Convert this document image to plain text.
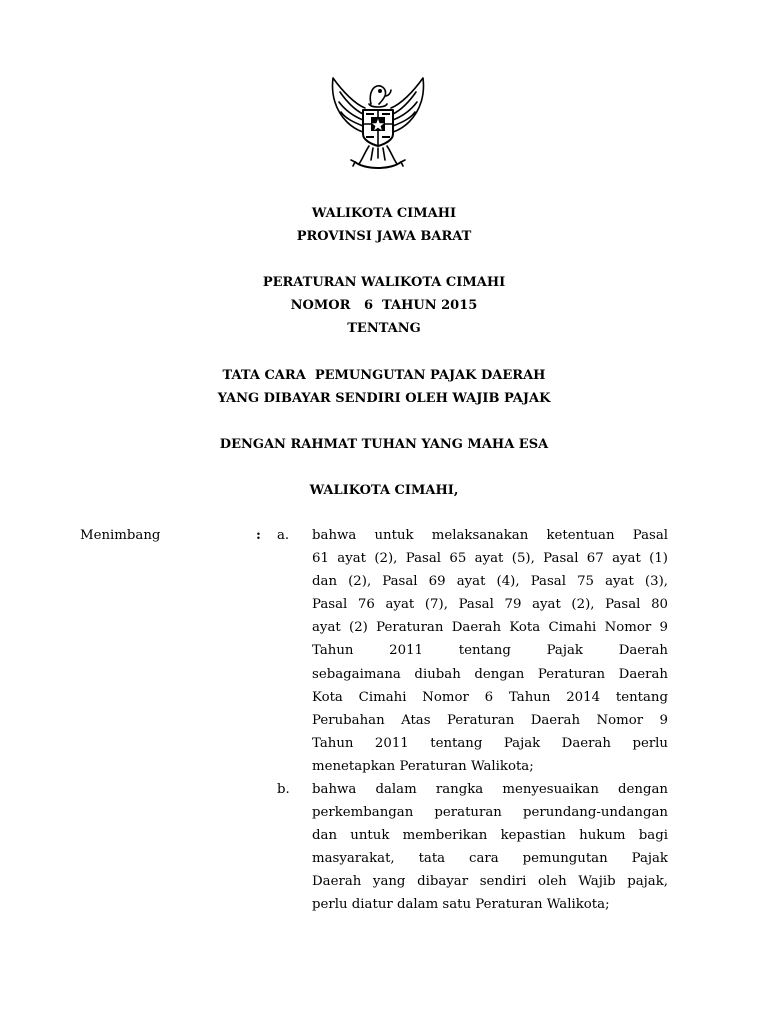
WALIKOTA CIMAHI
PROVINSI JAWA BARAT
PERATURAN WALIKOTA CIMAHI
NOMOR   6  TAHUN 2015
TENTANG
TATA CARA  PEMUNGUTAN PAJAK DAERAH
YANG DIBAYAR SENDIRI OLEH WAJIB PAJAK
DENGAN RAHMAT TUHAN YANG MAHA ESA
WALIKOTA CIMAHI,
Menimbang	: a. bahwa untuk melaksanakan ketentuan Pasal
61 ayat (2), Pasal 65 ayat (5), Pasal 67 ayat (1)
dan (2), Pasal 69 ayat (4), Pasal 75 ayat (3),
Pasal 76 ayat (7), Pasal 79 ayat (2), Pasal 80
ayat (2) Peraturan Daerah Kota Cimahi Nomor 9
Tahun 2011 tentang Pajak Daerah
sebagaimana diubah dengan Peraturan Daerah
Kota Cimahi Nomor 6 Tahun 2014 tentang
Perubahan Atas Peraturan Daerah Nomor 9
Tahun 2011 tentang Pajak Daerah perlu
menetapkan Peraturan Walikota;
b. bahwa dalam rangka menyesuaikan dengan
perkembangan peraturan perundang-undangan
dan untuk memberikan kepastian hukum bagi
masyarakat, tata cara pemungutan Pajak
Daerah yang dibayar sendiri oleh Wajib pajak,
perlu diatur dalam satu Peraturan Walikota;
